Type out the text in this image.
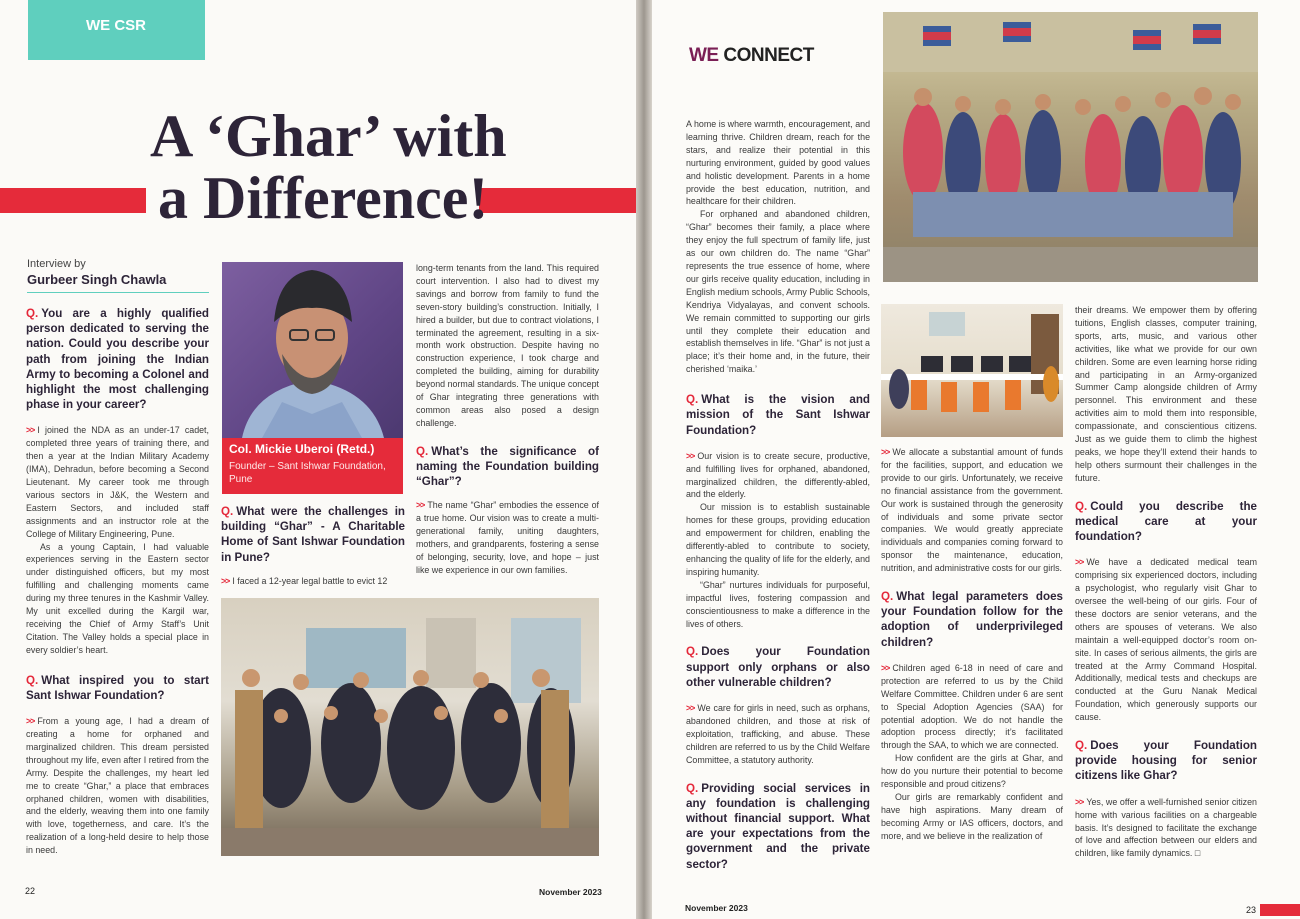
WE CSR
A ‘Ghar’ with
a Difference!
Interview by
Gurbeer Singh Chawla

Q. You are a highly qualified person dedicated to serving the nation. Could you describe your path from joining the Indian Army to becoming a Colonel and highlight the most challenging phase in your career?

>> I joined the NDA as an under-17 cadet, completed three years of training there, and then a year at the Indian Military Academy (IMA), Dehradun, before becoming a Second Lieutenant. My career took me through various sectors in J&K, the Western and Eastern Sectors, and included staff assignments and an instructor role at the College of Military Engineering, Pune.

As a young Captain, I had valuable experiences serving in the Eastern sector under distinguished officers, but my most fulfilling and challenging moments came during my three tenures in the Kashmir Valley. My unit excelled during the Kargil war, receiving the Chief of Army Staff’s Unit Citation. The Valley holds a special place in every soldier’s heart.

Q. What inspired you to start Sant Ishwar Foundation?

>> From a young age, I had a dream of creating a home for orphaned and marginalized children. This dream persisted throughout my life, even after I retired from the Army. Despite the challenges, my heart led me to create “Ghar,” a place that embraces orphaned children, women with disabilities, and the elderly, weaving them into one family with love, togetherness, and care. It’s the realization of a long-held desire to help those in need.

Col. Mickie Uberoi (Retd.)
Founder – Sant Ishwar Foundation, Pune

Q. What were the challenges in building “Ghar” - A Charitable Home of Sant Ishwar Foundation in Pune?

>> I faced a 12-year legal battle to evict 12

long-term tenants from the land. This required court intervention. I also had to divest my savings and borrow from family to fund the seven-story building’s construction. Initially, I hired a builder, but due to contract violations, I terminated the agreement, resulting in a six-month work obstruction. Despite having no construction experience, I took charge and completed the building, aiming for durability beyond normal standards. The unique concept of Ghar integrating three generations with common areas also posed a design challenge.

Q. What’s the significance of naming the Foundation building “Ghar”?

>> The name “Ghar” embodies the essence of a true home. Our vision was to create a multi-generational family, uniting daughters, mothers, and grandparents, fostering a sense of belonging, security, love, and hope – just like we experience in our own families.

22	November 2023
WE CONNECT

A home is where warmth, encouragement, and learning thrive. Children dream, reach for the stars, and realize their potential in this nurturing environment, guided by good values and holistic development. Parents in a home provide the best education, nutrition, and healthcare for their children.

For orphaned and abandoned children, “Ghar” becomes their family, a place where they enjoy the full spectrum of family life, just as our own children do. The name “Ghar” represents the true essence of home, where our girls receive quality education, including in English medium schools, Army Public Schools, Kendriya Vidyalayas, and convent schools. We remain committed to supporting our girls until they complete their education and establish themselves in life. “Ghar” is not just a place; it’s their home and, in the future, their cherished ‘maika.’

Q. What is the vision and mission of the Sant Ishwar Foundation?

>> Our vision is to create secure, productive, and fulfilling lives for orphaned, abandoned, marginalized children, the differently-abled, and the elderly.

Our mission is to establish sustainable homes for these groups, providing education and empowerment for children, enabling the differently-abled to contribute to society, enhancing the quality of life for the elderly, and inspiring humanity.

“Ghar” nurtures individuals for purposeful, impactful lives, fostering compassion and conscientiousness to make a difference in the lives of others.

Q. Does your Foundation support only orphans or also other vulnerable children?

>> We care for girls in need, such as orphans, abandoned children, and those at risk of exploitation, trafficking, and abuse. These children are referred to us by the Child Welfare Committee, a statutory authority.

Q. Providing social services in any foundation is challenging without financial support. What are your expectations from the government and the private sector?

>> We allocate a substantial amount of funds for the facilities, support, and education we provide to our girls. Unfortunately, we receive no financial assistance from the government. Our work is sustained through the generosity of individuals and some private sector companies. We would greatly appreciate individuals and companies coming forward to sponsor the maintenance, education, nutrition, and administrative costs for our girls.

Q. What legal parameters does your Foundation follow for the adoption of underprivileged children?

>> Children aged 6-18 in need of care and protection are referred to us by the Child Welfare Committee. Children under 6 are sent to Special Adoption Agencies (SAA) for potential adoption. We do not handle the adoption process directly; it’s facilitated through the SAA, to which we are connected.

How confident are the girls at Ghar, and how do you nurture their potential to become responsible and proud citizens?

Our girls are remarkably confident and have high aspirations. Many dream of becoming Army or IAS officers, doctors, and more, and we believe in the realization of

their dreams. We empower them by offering tuitions, English classes, computer training, sports, arts, music, and various other activities, like what we provide for our own children. Some are even learning horse riding and participating in an Army-organized Summer Camp alongside children of Army personnel. This environment and these activities aim to mold them into responsible, compassionate, and conscientious citizens. Just as we guide them to climb the highest peaks, we hope they’ll extend their hands to help others surmount their challenges in the future.

Q. Could you describe the medical care at your foundation?

>> We have a dedicated medical team comprising six experienced doctors, including a psychologist, who regularly visit Ghar to oversee the well-being of our girls. Four of these doctors are senior veterans, and the others are spouses of veterans. We also maintain a well-equipped doctor’s room on-site. In cases of serious ailments, the girls are treated at the Army Command Hospital. Additionally, medical tests and checkups are conducted at the Guru Nanak Medical Foundation, which generously supports our cause.

Q. Does your Foundation provide housing for senior citizens like Ghar?

>> Yes, we offer a well-furnished senior citizen home with various facilities on a chargeable basis. It’s designed to facilitate the exchange of love and affection between our elders and children, like family dynamics. □

November 2023	23
